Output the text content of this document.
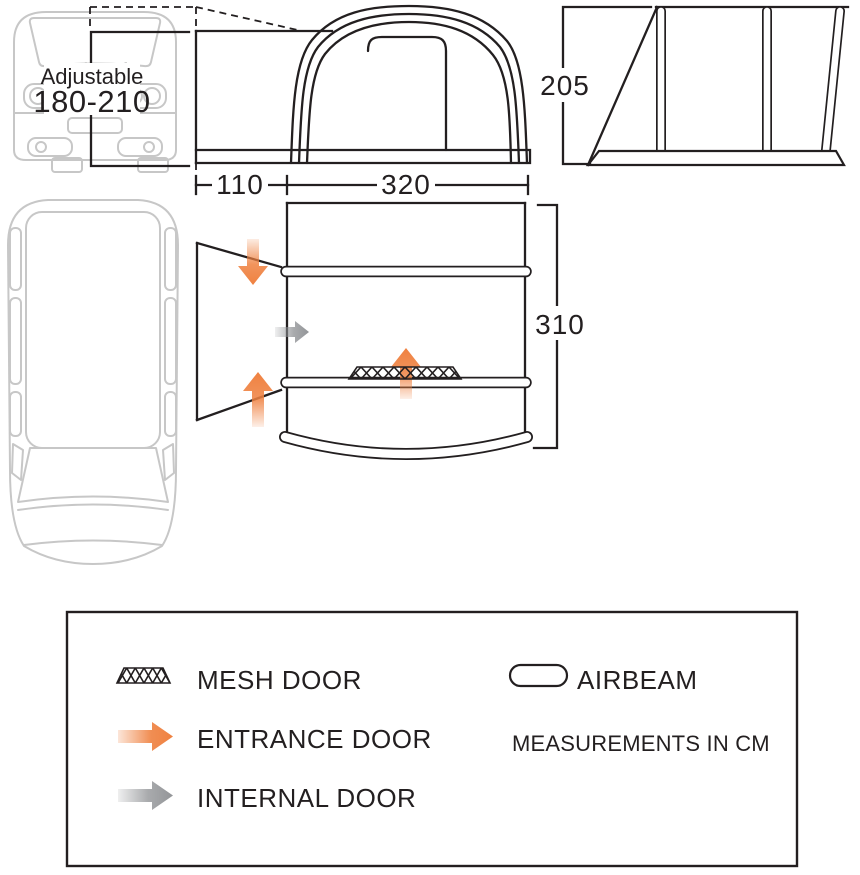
Adjustable
180-210
110	320
205
310
MESH DOOR
ENTRANCE DOOR
INTERNAL DOOR
AIRBEAM
MEASUREMENTS IN CM
